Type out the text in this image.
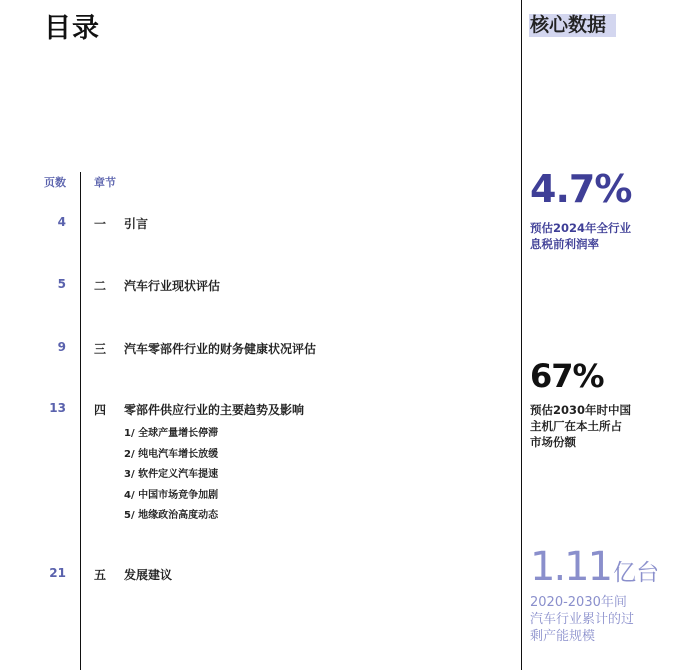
目录
页数	章节
4 一 引言
5 二 汽车行业现状评估
9 三 汽车零部件行业的财务健康状况评估
13 四 零部件供应行业的主要趋势及影响
1/ 全球产量增长停滞
2/ 纯电汽车增长放缓
3/ 软件定义汽车提速
4/ 中国市场竞争加剧
5/ 地缘政治高度动态
21 五 发展建议
核心数据
4.7%
预估2024年全行业
息税前利润率
67%
预估2030年时中国
主机厂在本土所占
市场份额
1.11亿台
2020-2030年间
汽车行业累计的过
剩产能规模
